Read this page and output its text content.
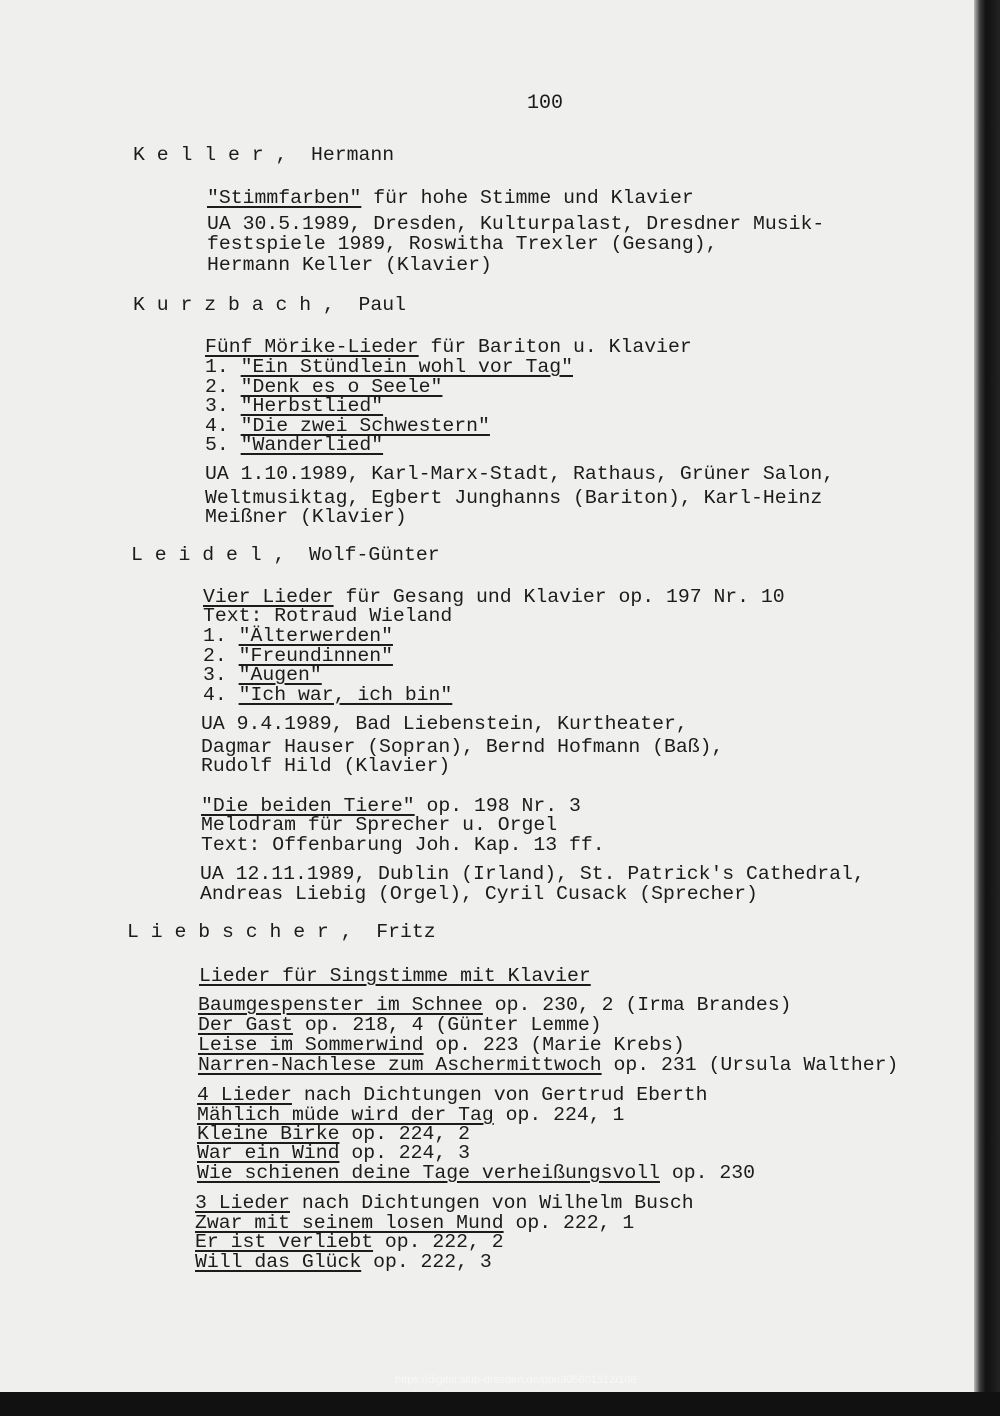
100
K e l l e r ,  Hermann
"Stimmfarben" für hohe Stimme und Klavier
UA 30.5.1989, Dresden, Kulturpalast, Dresdner Musik-
festspiele 1989, Roswitha Trexler (Gesang),
Hermann Keller (Klavier)
K u r z b a c h ,  Paul
Fünf Mörike-Lieder für Bariton u. Klavier
1. "Ein Stündlein wohl vor Tag"
2. "Denk es o Seele"
3. "Herbstlied"
4. "Die zwei Schwestern"
5. "Wanderlied"
UA 1.10.1989, Karl-Marx-Stadt, Rathaus, Grüner Salon,
Weltmusiktag, Egbert Junghanns (Bariton), Karl-Heinz
Meißner (Klavier)
L e i d e l ,  Wolf-Günter
Vier Lieder für Gesang und Klavier op. 197 Nr. 10
Text: Rotraud Wieland
1. "Älterwerden"
2. "Freundinnen"
3. "Augen"
4. "Ich war, ich bin"
UA 9.4.1989, Bad Liebenstein, Kurtheater,
Dagmar Hauser (Sopran), Bernd Hofmann (Baß),
Rudolf Hild (Klavier)
"Die beiden Tiere" op. 198 Nr. 3
Melodram für Sprecher u. Orgel
Text: Offenbarung Joh. Kap. 13 ff.
UA 12.11.1989, Dublin (Irland), St. Patrick's Cathedral,
Andreas Liebig (Orgel), Cyril Cusack (Sprecher)
L i e b s c h e r ,  Fritz
Lieder für Singstimme mit Klavier
Baumgespenster im Schnee op. 230, 2 (Irma Brandes)
Der Gast op. 218, 4 (Günter Lemme)
Leise im Sommerwind op. 223 (Marie Krebs)
Narren-Nachlese zum Aschermittwoch op. 231 (Ursula Walther)
4 Lieder nach Dichtungen von Gertrud Eberth
Mählich müde wird der Tag op. 224, 1
Kleine Birke op. 224, 2
War ein Wind op. 224, 3
Wie schienen deine Tage verheißungsvoll op. 230
3 Lieder nach Dichtungen von Wilhelm Busch
Zwar mit seinem losen Mund op. 222, 1
Er ist verliebt op. 222, 2
Will das Glück op. 222, 3
https://digital.slub-dresden.de/ppn305601512/108
